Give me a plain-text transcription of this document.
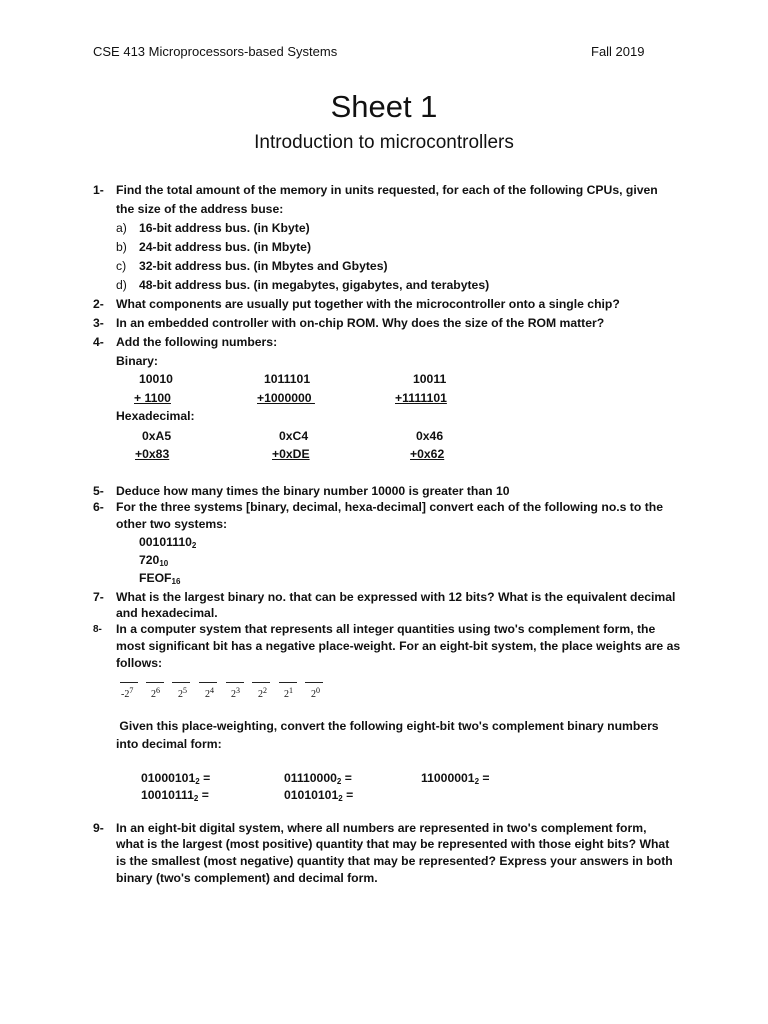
CSE 413 Microprocessors-based Systems	Fall 2019
Sheet 1
Introduction to microcontrollers
1- Find the total amount of the memory in units requested, for each of the following CPUs, given
the size of the address buse:
a) 16-bit address bus. (in Kbyte)
b) 24-bit address bus. (in Mbyte)
c) 32-bit address bus. (in Mbytes and Gbytes)
d) 48-bit address bus. (in megabytes, gigabytes, and terabytes)
2- What components are usually put together with the microcontroller onto a single chip?
3- In an embedded controller with on-chip ROM. Why does the size of the ROM matter?
4- Add the following numbers:
Binary:
10010	1011101	10011
+ 1100	+1000000	+1111101
Hexadecimal:
0xA5	0xC4	0x46
+0x83	+0xDE	+0x62
5- Deduce how many times the binary number 10000 is greater than 10
6- For the three systems [binary, decimal, hexa-decimal] convert each of the following no.s to the
other two systems:
$00101110_2$
$720_{10}$
$FEOF_{16}$
7- What is the largest binary no. that can be expressed with 12 bits? What is the equivalent decimal
and hexadecimal.
8- In a computer system that represents all integer quantities using two's complement form, the
most significant bit has a negative place-weight. For an eight-bit system, the place weights are as
follows:
$-2^7$ $2^6$ $2^5$ $2^4$ $2^3$ $2^2$ $2^1$ $2^0$
Given this place-weighting, convert the following eight-bit two's complement binary numbers
into decimal form:
$01000101_2$ =	$01110000_2$ =	$11000001_2$ =
$10010111_2$ =	$01010101_2$ =
9- In an eight-bit digital system, where all numbers are represented in two's complement form,
what is the largest (most positive) quantity that may be represented with those eight bits? What
is the smallest (most negative) quantity that may be represented? Express your answers in both
binary (two's complement) and decimal form.
